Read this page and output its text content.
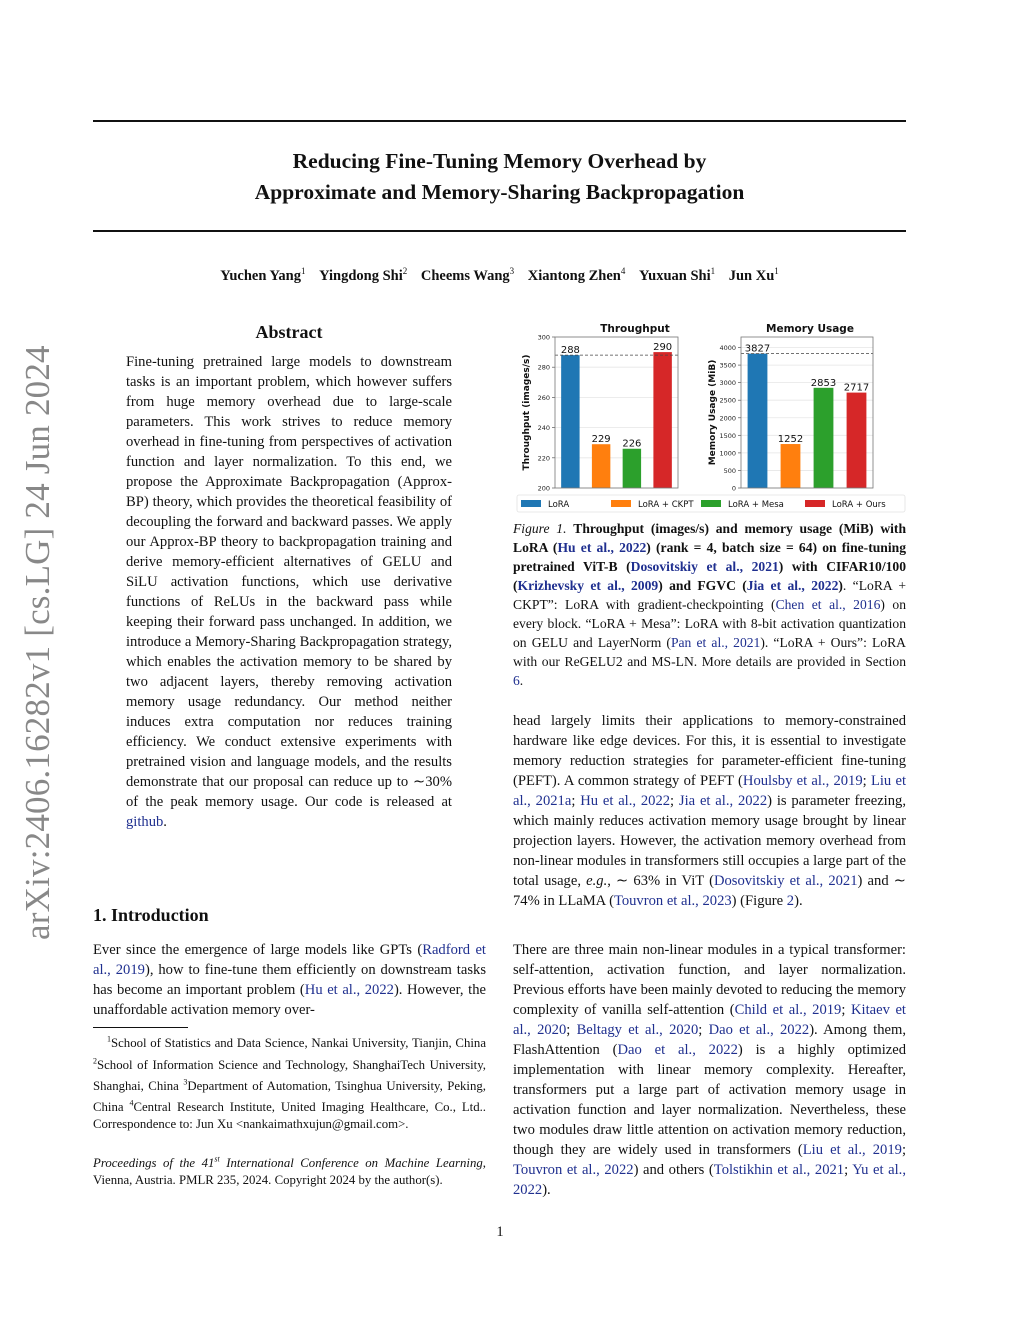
arXiv:2406.16282v1 [cs.LG] 24 Jun 2024
Reducing Fine-Tuning Memory Overhead by
Approximate and Memory-Sharing Backpropagation
Yuchen Yang$^1$ Yingdong Shi$^2$ Cheems Wang$^3$ Xiantong Zhen$^4$ Yuxuan Shi$^1$ Jun Xu$^1$
Abstract

Fine-tuning pretrained large models to downstream tasks is an important problem, which however suffers from huge memory overhead due to large-scale parameters. This work strives to reduce memory overhead in fine-tuning from perspectives of activation function and layer normalization. To this end, we propose the Approximate Backpropagation (Approx-BP) theory, which provides the theoretical feasibility of decoupling the forward and backward passes. We apply our Approx-BP theory to backpropagation training and derive memory-efficient alternatives of GELU and SiLU activation functions, which use derivative functions of ReLUs in the backward pass while keeping their forward pass unchanged. In addition, we introduce a Memory-Sharing Backpropagation strategy, which enables the activation memory to be shared by two adjacent layers, thereby removing activation memory usage redundancy. Our method neither induces extra computation nor reduces training efficiency. We conduct extensive experiments with pretrained vision and language models, and the results demonstrate that our proposal can reduce up to ∼30% of the peak memory usage. Our code is released at github.

1. Introduction

Ever since the emergence of large models like GPTs (Radford et al., 2019), how to fine-tune them efficiently on downstream tasks has become an important problem (Hu et al., 2022). However, the unaffordable activation memory over-

$^1$School of Statistics and Data Science, Nankai University, Tianjin, China $^2$School of Information Science and Technology, ShanghaiTech University, Shanghai, China $^3$Department of Automation, Tsinghua University, Peking, China $^4$Central Research Institute, United Imaging Healthcare, Co., Ltd.. Correspondence to: Jun Xu <nankaimathxujun@gmail.com>.
Proceedings of the 41st International Conference on Machine Learning, Vienna, Austria. PMLR 235, 2024. Copyright 2024 by the author(s).
Throughput
200
220
240
260
280
300
Throughput (images/s)
288
229 226
290
Memory Usage
0
500
1000
1500
2000
2500
3000
3500
4000
Memory Usage (MiB)
3827
1252
2853 2717
LoRA	LoRA + CKPT	LoRA + Mesa	LoRA + Ours
Figure 1. Throughput (images/s) and memory usage (MiB) with LoRA (Hu et al., 2022) (rank = 4, batch size = 64) on fine-tuning pretrained ViT-B (Dosovitskiy et al., 2021) with CIFAR10/100 (Krizhevsky et al., 2009) and FGVC (Jia et al., 2022). “LoRA + CKPT”: LoRA with gradient-checkpointing (Chen et al., 2016) on every block. “LoRA + Mesa”: LoRA with 8-bit activation quantization on GELU and LayerNorm (Pan et al., 2021). “LoRA + Ours”: LoRA with our ReGELU2 and MS-LN. More details are provided in Section 6.

head largely limits their applications to memory-constrained hardware like edge devices. For this, it is essential to investigate memory reduction strategies for parameter-efficient fine-tuning (PEFT). A common strategy of PEFT (Houlsby et al., 2019; Liu et al., 2021a; Hu et al., 2022; Jia et al., 2022) is parameter freezing, which mainly reduces activation memory usage brought by linear projection layers. However, the activation memory overhead from non-linear modules in transformers still occupies a large part of the total usage, e.g., ∼ 63% in ViT (Dosovitskiy et al., 2021) and ∼ 74% in LLaMA (Touvron et al., 2023) (Figure 2).

There are three main non-linear modules in a typical transformer: self-attention, activation function, and layer normalization. Previous efforts have been mainly devoted to reducing the memory complexity of vanilla self-attention (Child et al., 2019; Kitaev et al., 2020; Beltagy et al., 2020; Dao et al., 2022). Among them, FlashAttention (Dao et al., 2022) is a highly optimized implementation with linear memory complexity. Hereafter, transformers put a large part of activation memory usage in activation function and layer normalization. Nevertheless, these two modules draw little attention on activation memory reduction, though they are widely used in transformers (Liu et al., 2019; Touvron et al., 2022) and others (Tolstikhin et al., 2021; Yu et al., 2022).

1
